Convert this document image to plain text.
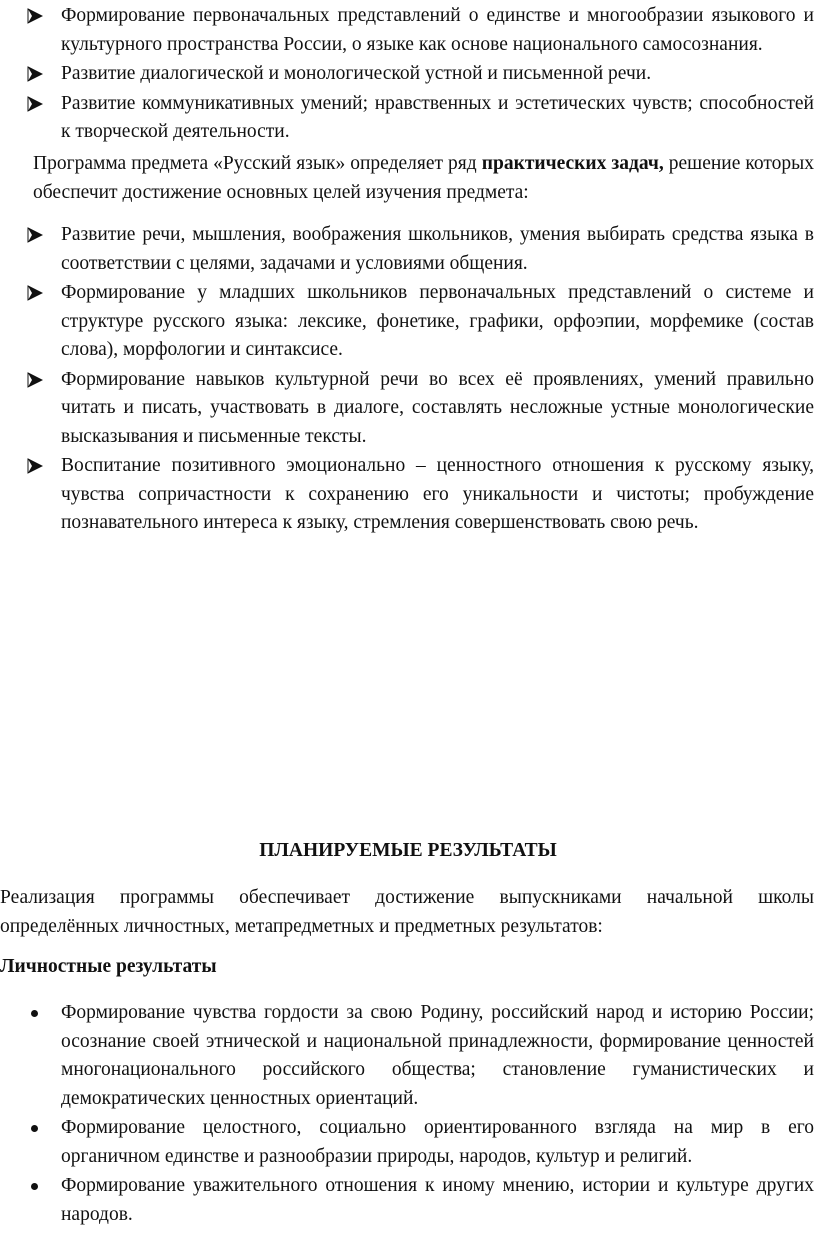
Формирование первоначальных представлений о единстве и многообразии языкового и культурного пространства России, о языке как основе национального самосознания.
Развитие диалогической и монологической устной и письменной речи.
Развитие коммуникативных умений; нравственных и эстетических чувств; способностей к творческой деятельности.

Программа предмета «Русский язык» определяет ряд практических задач, решение которых обеспечит достижение основных целей изучения предмета:

Развитие речи, мышления, воображения школьников, умения выбирать средства языка в соответствии с целями, задачами и условиями общения.
Формирование у младших школьников первоначальных представлений о системе и структуре русского языка: лексике, фонетике, графики, орфоэпии, морфемике (состав слова), морфологии и синтаксисе.
Формирование навыков культурной речи во всех её проявлениях, умений правильно читать и писать, участвовать в диалоге, составлять несложные устные монологические высказывания и письменные тексты.
Воспитание позитивного эмоционально – ценностного отношения к русскому языку, чувства сопричастности к сохранению его уникальности и чистоты; пробуждение познавательного интереса к языку, стремления совершенствовать свою речь.
ПЛАНИРУЕМЫЕ РЕЗУЛЬТАТЫ

Реализация программы обеспечивает достижение выпускниками начальной школы определённых личностных, метапредметных и предметных результатов:

Личностные результаты

Формирование чувства гордости за свою Родину, российский народ и историю России; осознание своей этнической и национальной принадлежности, формирование ценностей многонационального российского общества; становление гуманистических и демократических ценностных ориентаций.
Формирование целостного, социально ориентированного взгляда на мир в его органичном единстве и разнообразии природы, народов, культур и религий.
Формирование уважительного отношения к иному мнению, истории и культуре других народов.
